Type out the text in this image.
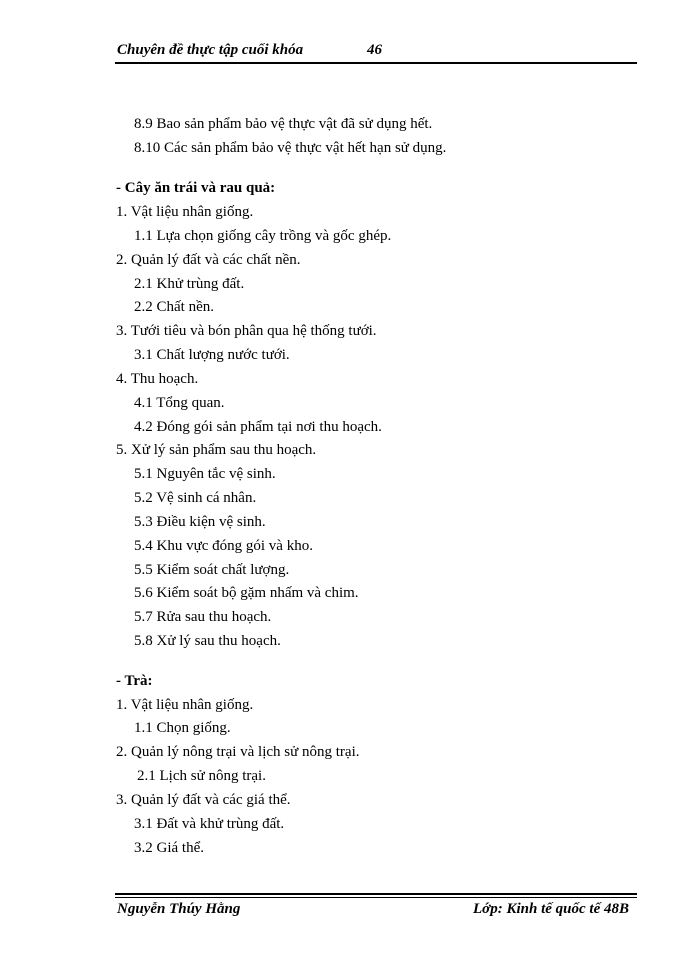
Chuyên đề thực tập cuối khóa	46
8.9 Bao sản phẩm bảo vệ thực vật đã sử dụng hết.
8.10 Các sản phẩm bảo vệ thực vật hết hạn sử dụng.
- Cây ăn trái và rau quả:
1. Vật liệu nhân giống.
1.1 Lựa chọn giống cây trồng và gốc ghép.
2. Quản lý đất và các chất nền.
2.1 Khử trùng đất.
2.2 Chất nền.
3. Tưới tiêu và bón phân qua hệ thống tưới.
3.1 Chất lượng nước tưới.
4. Thu hoạch.
4.1 Tổng quan.
4.2 Đóng gói sản phẩm tại nơi thu hoạch.
5. Xử lý sản phẩm sau thu hoạch.
5.1 Nguyên tắc vệ sinh.
5.2 Vệ sinh cá nhân.
5.3 Điều kiện vệ sinh.
5.4 Khu vực đóng gói và kho.
5.5 Kiểm soát chất lượng.
5.6 Kiểm soát bộ gặm nhấm và chim.
5.7 Rửa sau thu hoạch.
5.8 Xử lý sau thu hoạch.
- Trà:
1. Vật liệu nhân giống.
1.1 Chọn giống.
2. Quản lý nông trại và lịch sử nông trại.
2.1 Lịch sử nông trại.
3. Quản lý đất và các giá thể.
3.1 Đất và khử trùng đất.
3.2 Giá thể.
Nguyễn Thúy Hằng	Lớp: Kinh tế quốc tế 48B
